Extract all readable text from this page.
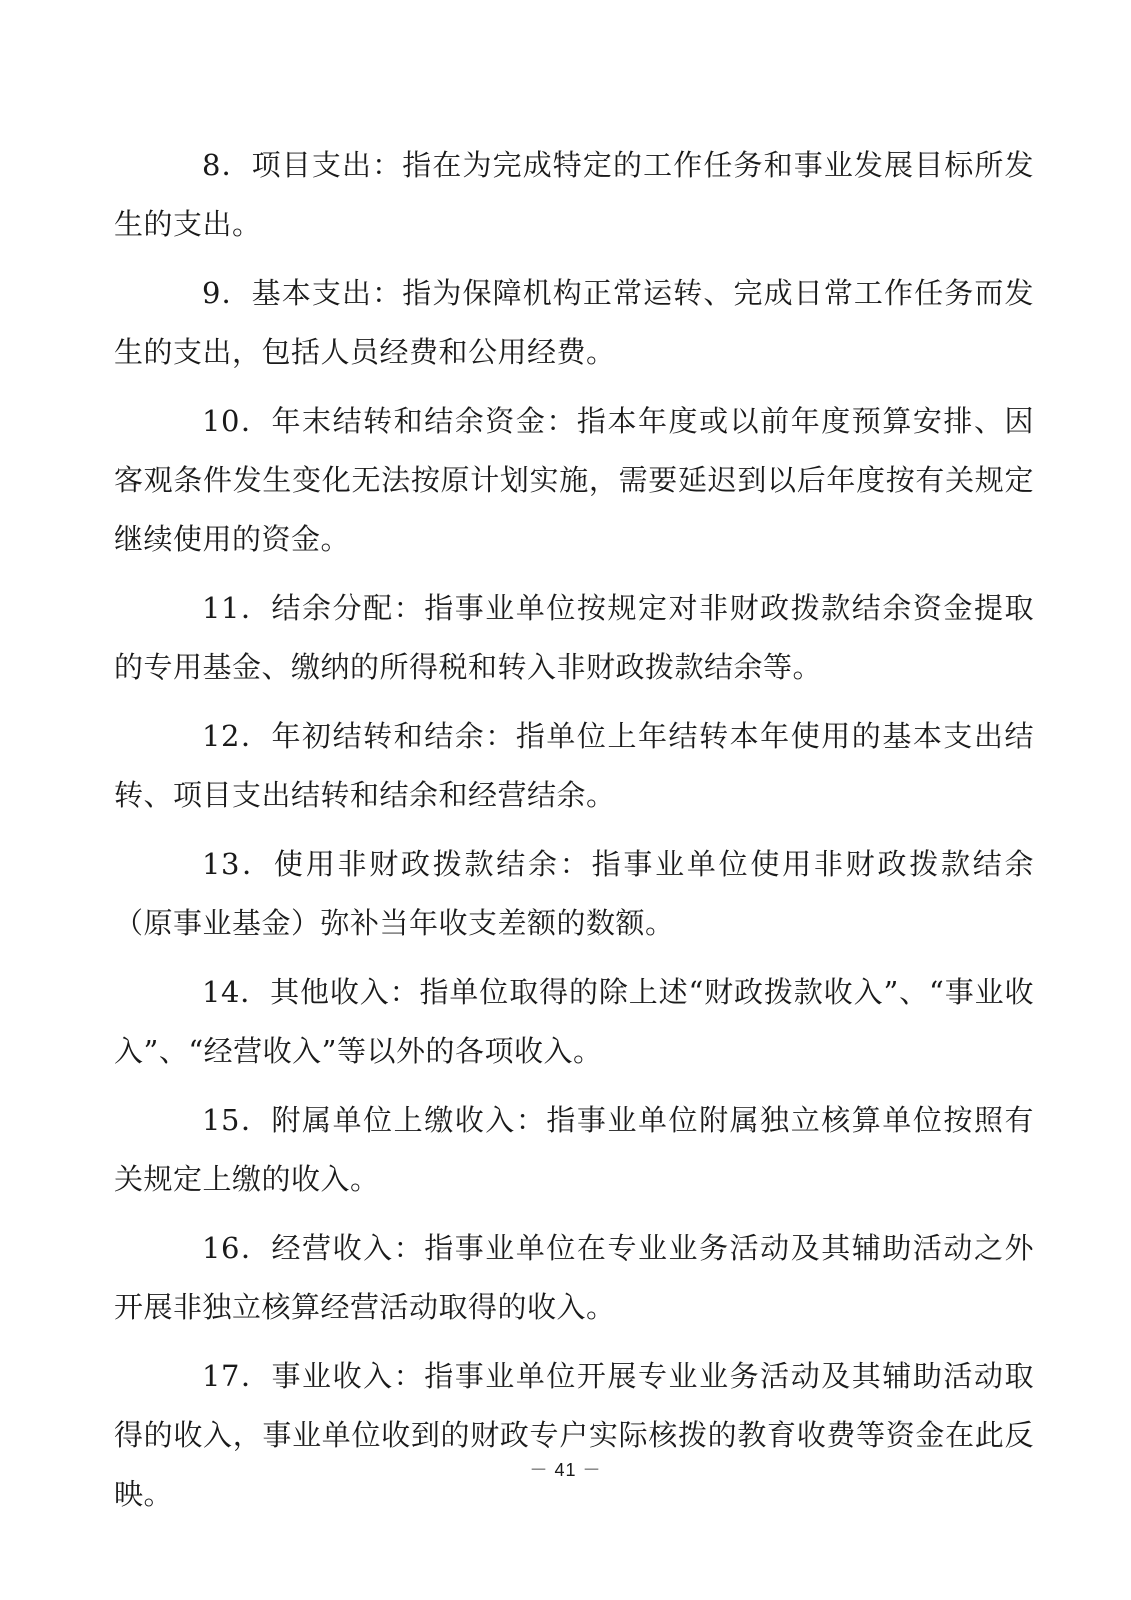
8．项目支出：指在为完成特定的工作任务和事业发展目标所发生的支出。

9．基本支出：指为保障机构正常运转、完成日常工作任务而发生的支出，包括人员经费和公用经费。

10．年末结转和结余资金：指本年度或以前年度预算安排、因客观条件发生变化无法按原计划实施，需要延迟到以后年度按有关规定继续使用的资金。

11．结余分配：指事业单位按规定对非财政拨款结余资金提取的专用基金、缴纳的所得税和转入非财政拨款结余等。

12．年初结转和结余：指单位上年结转本年使用的基本支出结转、项目支出结转和结余和经营结余。

13．使用非财政拨款结余：指事业单位使用非财政拨款结余（原事业基金）弥补当年收支差额的数额。

14．其他收入：指单位取得的除上述“财政拨款收入”、“事业收入”、“经营收入”等以外的各项收入。

15．附属单位上缴收入：指事业单位附属独立核算单位按照有关规定上缴的收入。

16．经营收入：指事业单位在专业业务活动及其辅助活动之外开展非独立核算经营活动取得的收入。

17．事业收入：指事业单位开展专业业务活动及其辅助活动取得的收入，事业单位收到的财政专户实际核拨的教育收费等资金在此反映。

－ 41 －
